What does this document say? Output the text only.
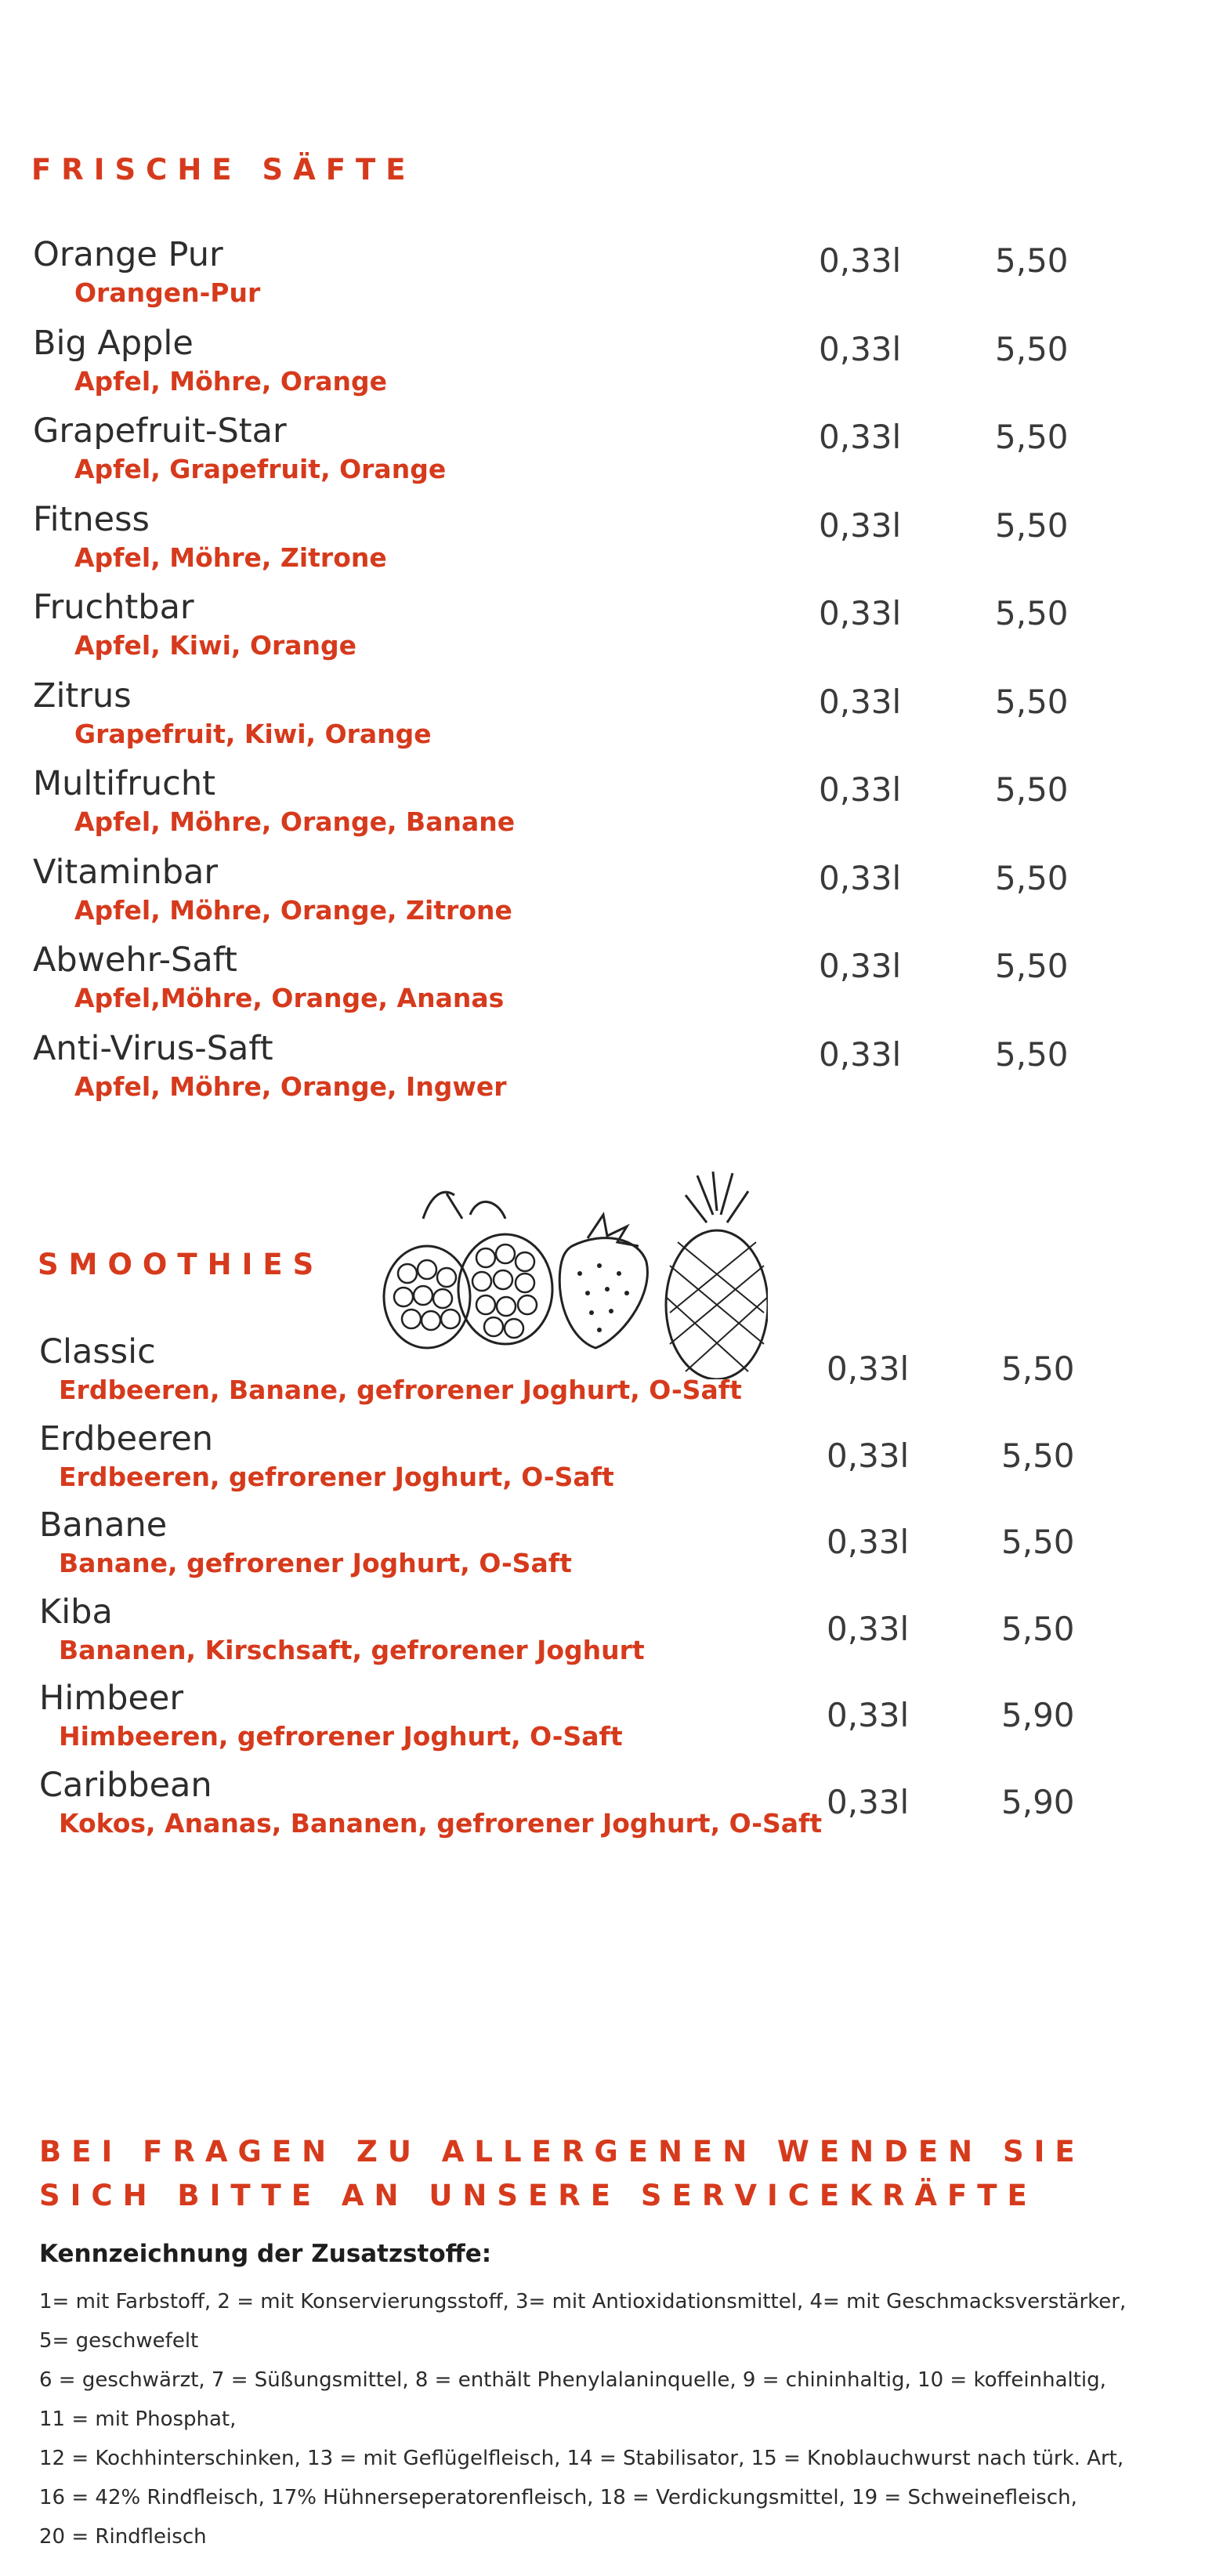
FRISCHE SÄFTE
Orange Pur
Orangen-Pur
0,33l	5,50
Big Apple
Apfel, Möhre, Orange
0,33l	5,50
Grapefruit-Star
Apfel, Grapefruit, Orange
0,33l	5,50
Fitness
Apfel, Möhre, Zitrone
0,33l	5,50
Fruchtbar
Apfel, Kiwi, Orange
0,33l	5,50
Zitrus
Grapefruit, Kiwi, Orange
0,33l	5,50
Multifrucht
Apfel, Möhre, Orange, Banane
0,33l	5,50
Vitaminbar
Apfel, Möhre, Orange, Zitrone
0,33l	5,50
Abwehr-Saft
Apfel,Möhre, Orange, Ananas
0,33l	5,50
Anti-Virus-Saft
Apfel, Möhre, Orange, Ingwer
0,33l	5,50
SMOOTHIES
Classic
Erdbeeren, Banane, gefrorener Joghurt, O-Saft
0,33l	5,50
Erdbeeren
Erdbeeren, gefrorener Joghurt, O-Saft
0,33l	5,50
Banane
Banane, gefrorener Joghurt, O-Saft
0,33l	5,50
Kiba
Bananen, Kirschsaft, gefrorener Joghurt
0,33l	5,50
Himbeer
Himbeeren, gefrorener Joghurt, O-Saft
0,33l	5,90
Caribbean
Kokos, Ananas, Bananen, gefrorener Joghurt, O-Saft
0,33l	5,90
BEI FRAGEN ZU ALLERGENEN WENDEN SIE SICH BITTE AN UNSERE SERVICEKRÄFTE
Kennzeichnung der Zusatzstoffe:
1= mit Farbstoff, 2 = mit Konservierungsstoff, 3= mit Antioxidationsmittel, 4= mit Geschmacksverstärker,
5= geschwefelt
6 = geschwärzt, 7 = Süßungsmittel, 8 = enthält Phenylalaninquelle, 9 = chininhaltig, 10 = koffeinhaltig,
11 = mit Phosphat,
12 = Kochhinterschinken, 13 = mit Geflügelfleisch, 14 = Stabilisator, 15 = Knoblauchwurst nach türk. Art,
16 = 42% Rindfleisch, 17% Hühnerseperatorenfleisch, 18 = Verdickungsmittel, 19 = Schweinefleisch,
20 = Rindfleisch
